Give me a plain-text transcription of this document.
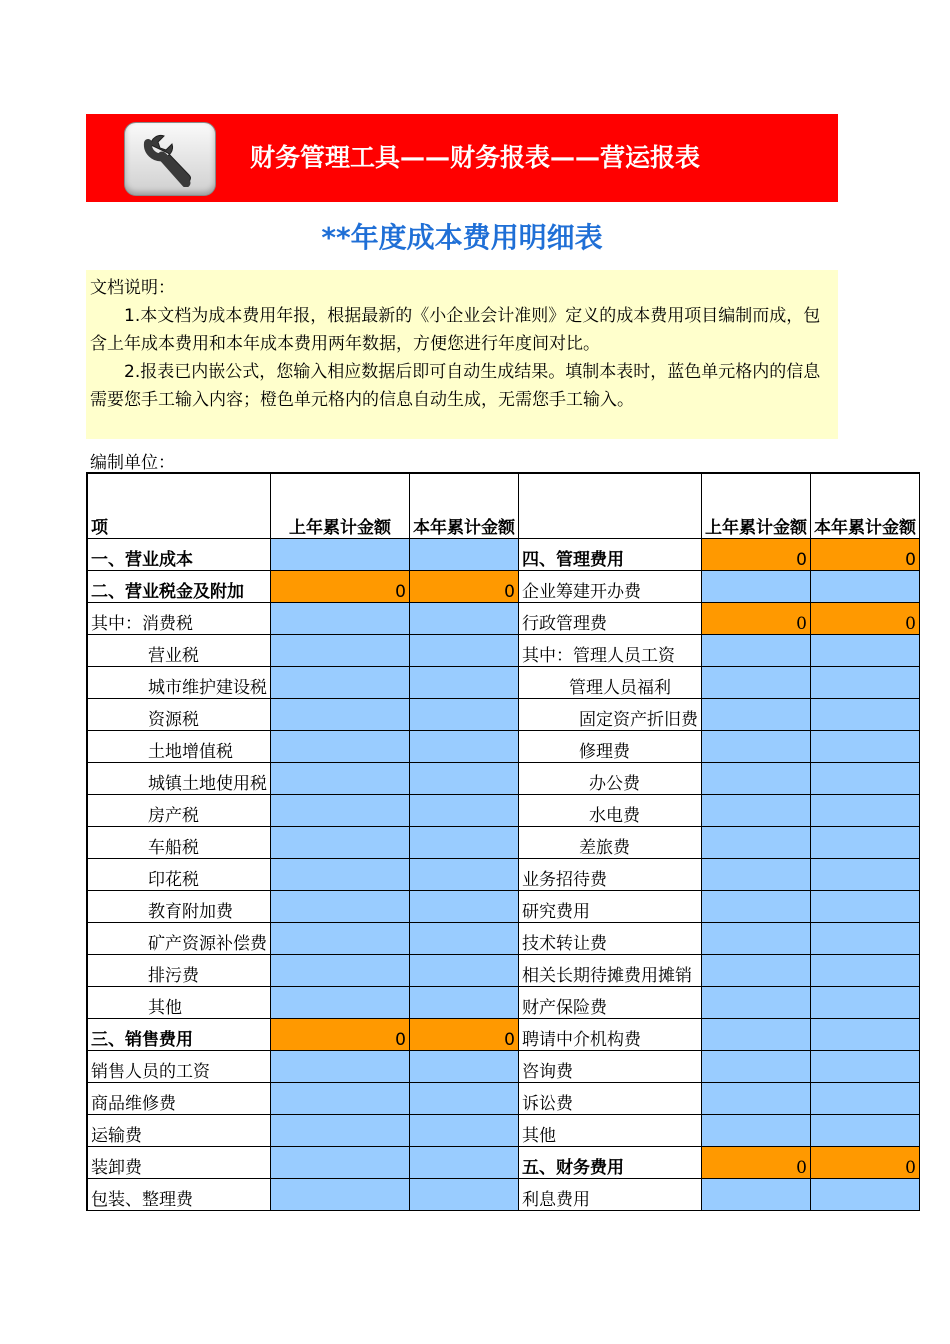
财务管理工具——财务报表——营运报表
**年度成本费用明细表

文档说明：

1.本文档为成本费用年报，根据最新的《小企业会计准则》定义的成本费用项目编制而成，包含上年成本费用和本年成本费用两年数据，方便您进行年度间对比。

2.报表已内嵌公式，您输入相应数据后即可自动生成结果。填制本表时，蓝色单元格内的信息需要您手工输入内容；橙色单元格内的信息自动生成，无需您手工输入。

编制单位：
项	上年累计金额	本年累计金额		上年累计金额	本年累计金额
一、营业成本			四、管理费用	0	0
二、营业税金及附加	0	0	企业筹建开办费		
其中：消费税			行政管理费	0	0
营业税			其中：管理人员工资		
城市维护建设税			管理人员福利		
资源税			固定资产折旧费		
土地增值税			修理费		
城镇土地使用税			办公费		
房产税			水电费		
车船税			差旅费		
印花税			业务招待费		
教育附加费			研究费用		
矿产资源补偿费			技术转让费		
排污费			相关长期待摊费用摊销		
其他			财产保险费		
三、销售费用	0	0	聘请中介机构费		
销售人员的工资			咨询费		
商品维修费			诉讼费		
运输费			其他		
装卸费			五、财务费用	0	0
包装、整理费			利息费用		
